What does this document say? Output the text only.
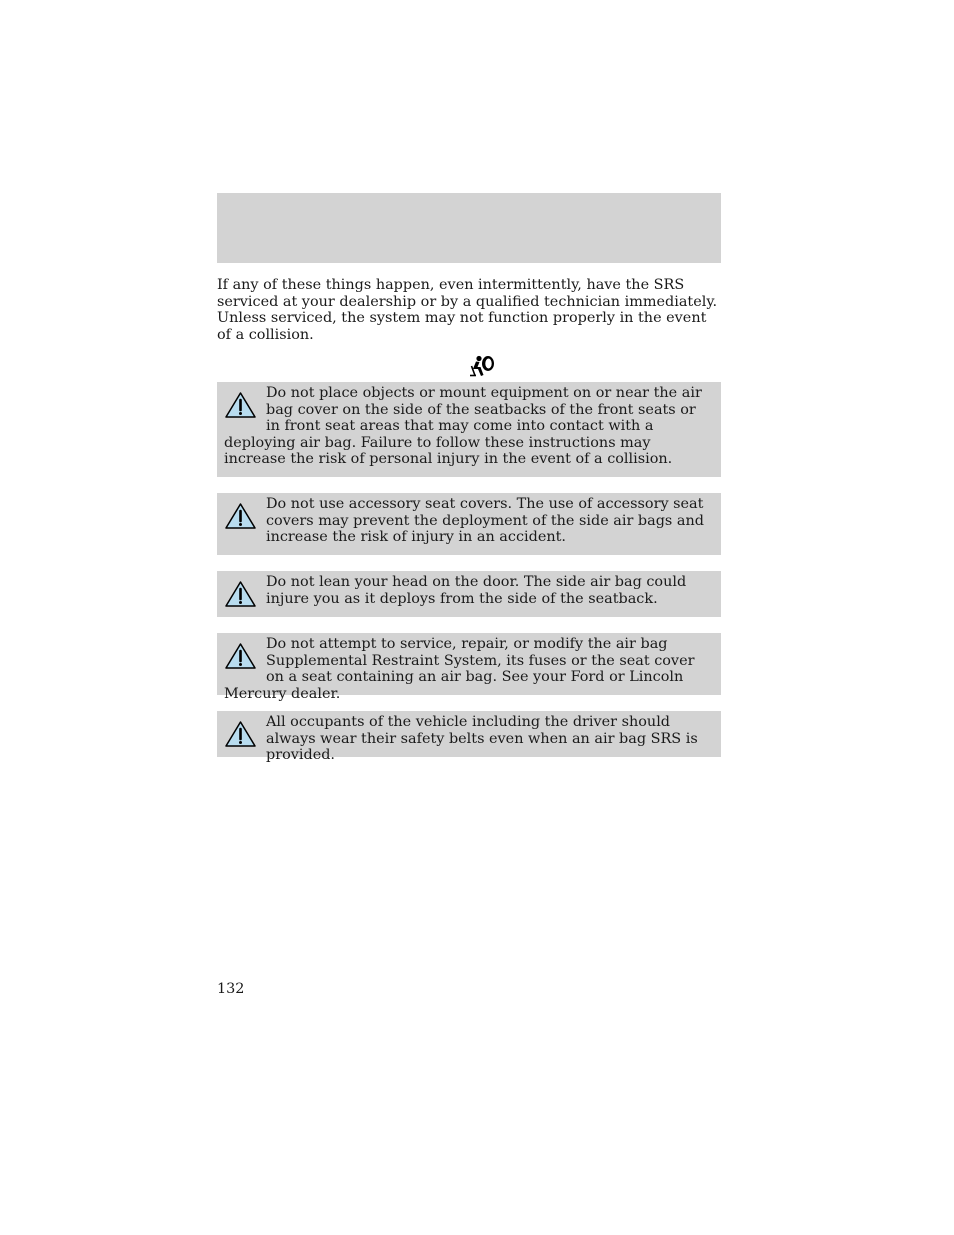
If any of these things happen, even intermittently, have the SRS serviced at your dealership or by a qualified technician immediately. Unless serviced, the system may not function properly in the event of a collision.

Do not place objects or mount equipment on or near the air bag cover on the side of the seatbacks of the front seats or in front seat areas that may come into contact with a deploying air bag. Failure to follow these instructions may increase the risk of personal injury in the event of a collision.

Do not use accessory seat covers. The use of accessory seat covers may prevent the deployment of the side air bags and increase the risk of injury in an accident.

Do not lean your head on the door. The side air bag could injure you as it deploys from the side of the seatback.

Do not attempt to service, repair, or modify the air bag Supplemental Restraint System, its fuses or the seat cover on a seat containing an air bag. See your Ford or Lincoln Mercury dealer.

All occupants of the vehicle including the driver should always wear their safety belts even when an air bag SRS is provided.

132
